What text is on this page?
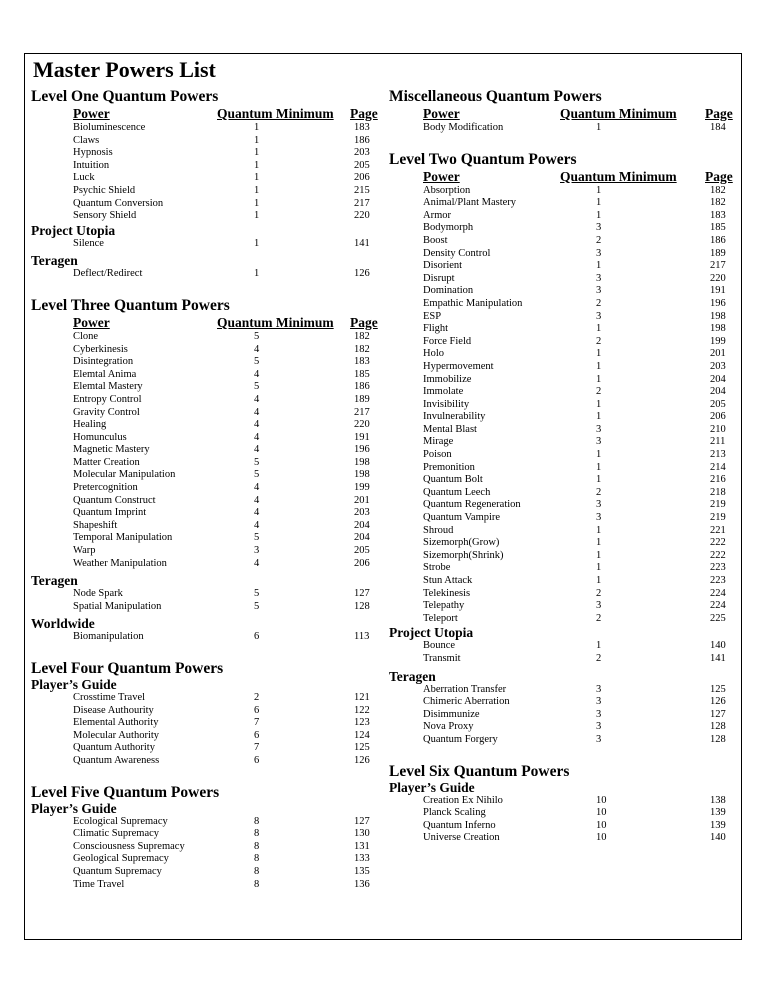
Master Powers List
Level One Quantum Powers
Power	Quantum Minimum Page
Bioluminescence	1	183
Claws	1	186
Hypnosis	1	203
Intuition	1	205
Luck	1	206
Psychic Shield	1	215
Quantum Conversion	1	217
Sensory Shield	1	220
Project Utopia
Silence	1	141
Teragen
Deflect/Redirect	1	126
Level Three Quantum Powers
Power	Quantum Minimum Page
Clone	5	182
Cyberkinesis	4	182
Disintegration	5	183
Elemtal Anima	4	185
Elemtal Mastery	5	186
Entropy Control	4	189
Gravity Control	4	217
Healing	4	220
Homunculus	4	191
Magnetic Mastery	4	196
Matter Creation	5	198
Molecular Manipulation	5	198
Pretercognition	4	199
Quantum Construct	4	201
Quantum Imprint	4	203
Shapeshift	4	204
Temporal Manipulation	5	204
Warp	3	205
Weather Manipulation	4	206
Teragen
Node Spark	5	127
Spatial Manipulation	5	128
Worldwide
Biomanipulation	6	113
Level Four Quantum Powers
Player’s Guide
Crosstime Travel	2	121
Disease Authourity	6	122
Elemental Authority	7	123
Molecular Authority	6	124
Quantum Authority	7	125
Quantum Awareness	6	126
Level Five Quantum Powers
Player’s Guide
Ecological Supremacy	8	127
Climatic Supremacy	8	130
Consciousness Supremacy	8	131
Geological Supremacy	8	133
Quantum Supremacy	8	135
Time Travel	8	136
Miscellaneous Quantum Powers
Power	Quantum Minimum Page
Body Modification	1	184
Level Two Quantum Powers
Power	Quantum Minimum Page
Absorption	1	182
Animal/Plant Mastery	1	182
Armor	1	183
Bodymorph	3	185
Boost	2	186
Density Control	3	189
Disorient	1	217
Disrupt	3	220
Domination	3	191
Empathic Manipulation	2	196
ESP	3	198
Flight	1	198
Force Field	2	199
Holo	1	201
Hypermovement	1	203
Immobilize	1	204
Immolate	2	204
Invisibility	1	205
Invulnerability	1	206
Mental Blast	3	210
Mirage	3	211
Poison	1	213
Premonition	1	214
Quantum Bolt	1	216
Quantum Leech	2	218
Quantum Regeneration	3	219
Quantum Vampire	3	219
Shroud	1	221
Sizemorph(Grow)	1	222
Sizemorph(Shrink)	1	222
Strobe	1	223
Stun Attack	1	223
Telekinesis	2	224
Telepathy	3	224
Teleport	2	225
Project Utopia
Bounce	1	140
Transmit	2	141
Teragen
Aberration Transfer	3	125
Chimeric Aberration	3	126
Disimmunize	3	127
Nova Proxy	3	128
Quantum Forgery	3	128
Level Six Quantum Powers
Player’s Guide
Creation Ex Nihilo	10	138
Planck Scaling	10	139
Quantum Inferno	10	139
Universe Creation	10	140
